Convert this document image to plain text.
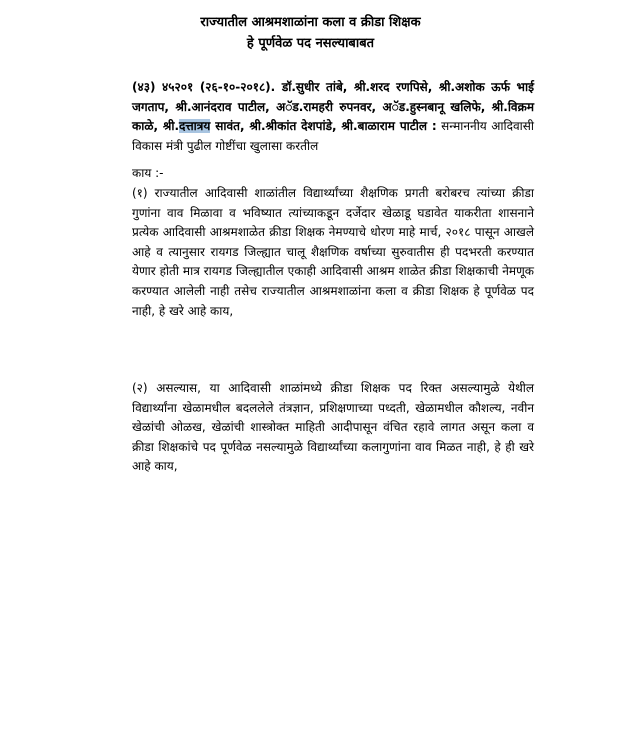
राज्यातील आश्रमशाळांना कला व क्रीडा शिक्षक
हे पूर्णवेळ पद नसल्याबाबत
(४३) ४५२०१ (२६-१०-२०१८). डॉ.सुधीर तांबे, श्री.शरद रणपिसे, श्री.अशोक ऊर्फ भाई जगताप, श्री.आनंदराव पाटील, अॅड.रामहरी रुपनवर, अॅड.हुस्नबानू खलिफे, श्री.विक्रम काळे, श्री.दत्तात्रय सावंत, श्री.श्रीकांत देशपांडे, श्री.बाळाराम पाटील : सन्माननीय आदिवासी विकास मंत्री पुढील गोष्टींचा खुलासा करतील
काय :-
(१) राज्यातील आदिवासी शाळांतील विद्यार्थ्यांच्या शैक्षणिक प्रगती बरोबरच त्यांच्या क्रीडा गुणांना वाव मिळावा व भविष्यात त्यांच्याकडून दर्जेदार खेळाडू घडावेत याकरीता शासनाने प्रत्येक आदिवासी आश्रमशाळेत क्रीडा शिक्षक नेमण्याचे धोरण माहे मार्च, २०१८ पासून आखले आहे व त्यानुसार रायगड जिल्ह्यात चालू शैक्षणिक वर्षाच्या सुरुवातीस ही पदभरती करण्यात येणार होती मात्र रायगड जिल्ह्यातील एकाही आदिवासी आश्रम शाळेत क्रीडा शिक्षकाची नेमणूक करण्यात आलेली नाही तसेच राज्यातील आश्रमशाळांना कला व क्रीडा शिक्षक हे पूर्णवेळ पद नाही, हे खरे आहे काय,
(२) असल्यास, या आदिवासी शाळांमध्ये क्रीडा शिक्षक पद रिक्त असल्यामुळे येथील विद्यार्थ्यांना खेळामधील बदललेले तंत्रज्ञान, प्रशिक्षणाच्या पध्दती, खेळामधील कौशल्य, नवीन खेळांची ओळख, खेळांची शास्त्रोक्त माहिती आदीपासून वंचित रहावे लागत असून कला व क्रीडा शिक्षकांचे पद पूर्णवेळ नसल्यामुळे विद्यार्थ्यांच्या कलागुणांना वाव मिळत नाही, हे ही खरे आहे काय,
